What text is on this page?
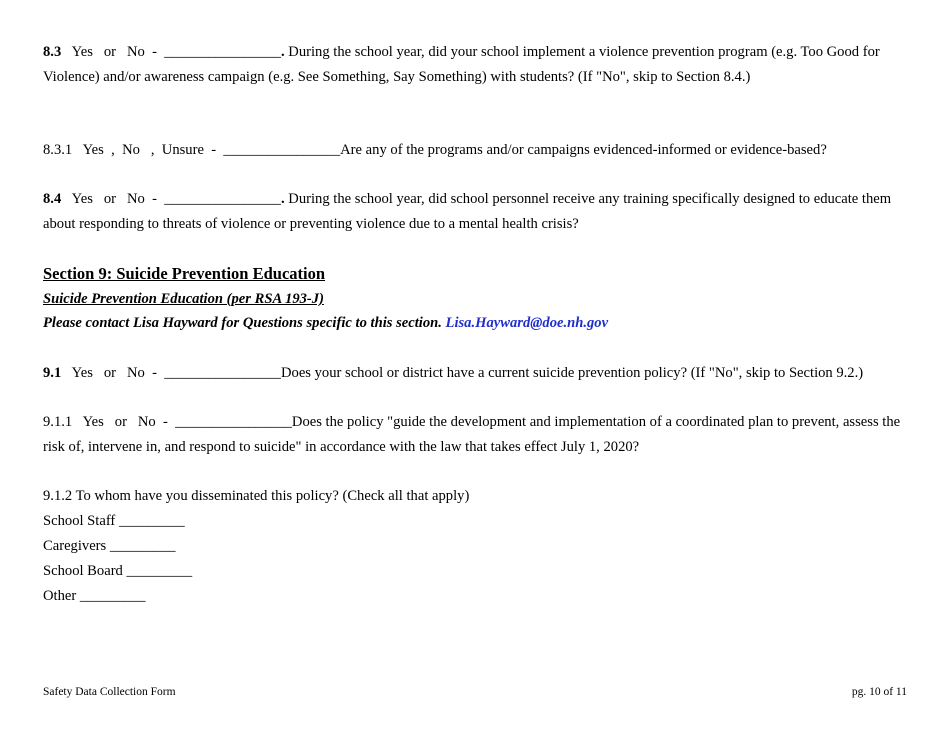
8.3 Yes   or   No  -  ________________. During the school year, did your school implement a violence prevention program (e.g. Too Good for Violence) and/or awareness campaign (e.g. See Something, Say Something) with students? (If "No", skip to Section 8.4.)
8.3.1   Yes  ,  No   ,  Unsure  -  ________________Are any of the programs and/or campaigns evidenced-informed or evidence-based?
8.4 Yes   or   No  -  ________________. During the school year, did school personnel receive any training specifically designed to educate them about responding to threats of violence or preventing violence due to a mental health crisis?
Section 9: Suicide Prevention Education
Suicide Prevention Education (per RSA 193-J)
Please contact Lisa Hayward for Questions specific to this section. Lisa.Hayward@doe.nh.gov
9.1 Yes   or   No  -  ________________Does your school or district have a current suicide prevention policy? (If "No", skip to Section 9.2.)
9.1.1   Yes   or   No  -  ________________Does the policy "guide the development and implementation of a coordinated plan to prevent, assess the risk of, intervene in, and respond to suicide" in accordance with the law that takes effect July 1, 2020?
9.1.2 To whom have you disseminated this policy? (Check all that apply)
School Staff _________
Caregivers _________
School Board _________
Other _________
Safety Data Collection Form	pg. 10 of 11
